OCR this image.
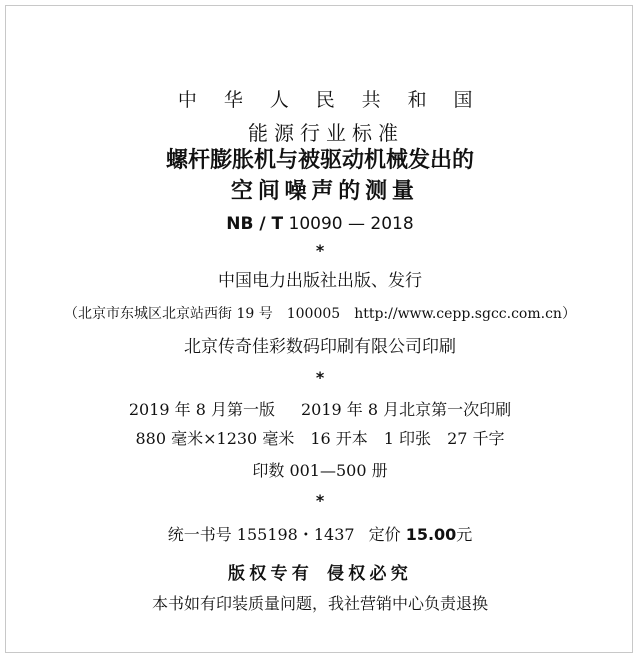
中 华 人 民 共 和 国
能源行业标准
螺杆膨胀机与被驱动机械发出的
空间噪声的测量
NB / T 10090 — 2018
*
中国电力出版社出版、发行
（北京市东城区北京站西街 19 号　100005　http://www.cepp.sgcc.com.cn）
北京传奇佳彩数码印刷有限公司印刷
*
2019 年 8 月第一版 2019 年 8 月北京第一次印刷
880 毫米×1230 毫米 16 开本 1 印张 27 千字
印数 001—500 册
*
统一书号 155198・1437 定价 15.00元
版权专有 侵权必究
本书如有印装质量问题，我社营销中心负责退换
